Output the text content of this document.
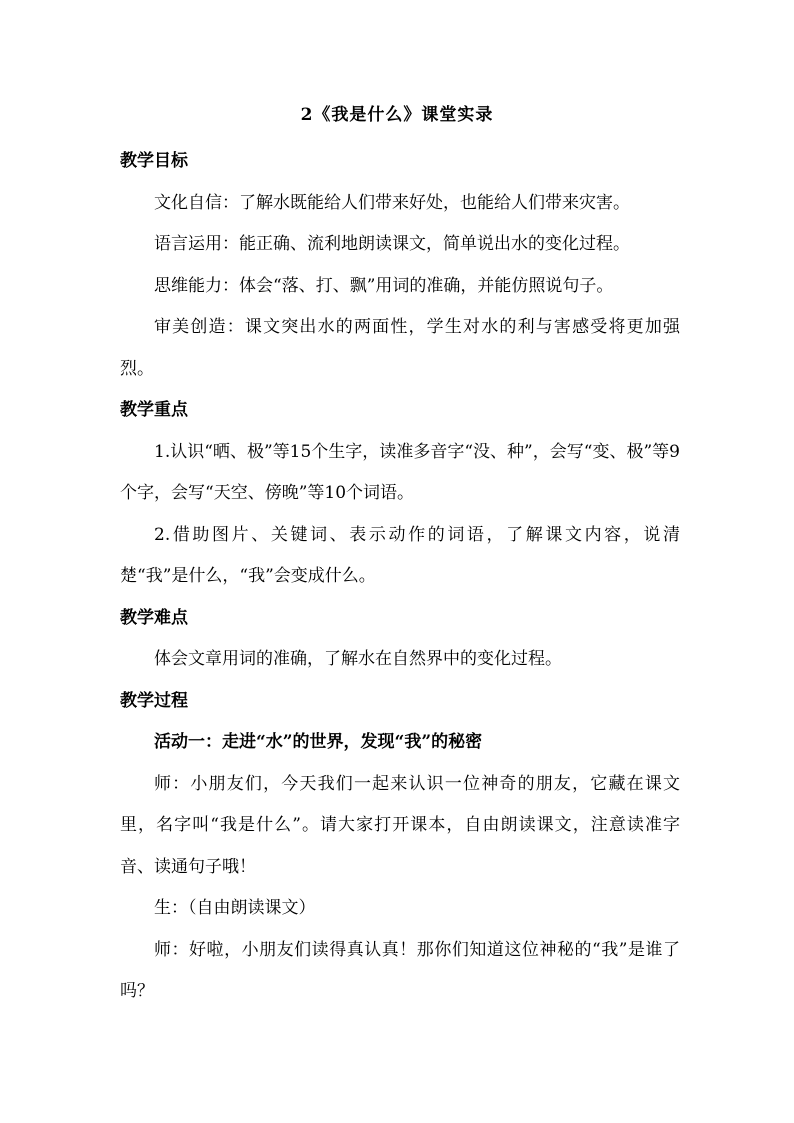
2《我是什么》课堂实录

教学目标

文化自信：了解水既能给人们带来好处，也能给人们带来灾害。

语言运用：能正确、流利地朗读课文，简单说出水的变化过程。

思维能力：体会“落、打、飘”用词的准确，并能仿照说句子。

审美创造：课文突出水的两面性，学生对水的利与害感受将更加强烈。

教学重点

1.认识“晒、极”等15个生字，读准多音字“没、种”，会写“变、极”等9个字，会写“天空、傍晚”等10个词语。

2.借助图片、关键词、表示动作的词语，了解课文内容，说清楚“我”是什么，“我”会变成什么。

教学难点

体会文章用词的准确，了解水在自然界中的变化过程。

教学过程

活动一：走进“水”的世界，发现“我”的秘密

师：小朋友们，今天我们一起来认识一位神奇的朋友，它藏在课文里，名字叫“我是什么”。请大家打开课本，自由朗读课文，注意读准字音、读通句子哦！

生：（自由朗读课文）

师：好啦，小朋友们读得真认真！那你们知道这位神秘的“我”是谁了吗？
